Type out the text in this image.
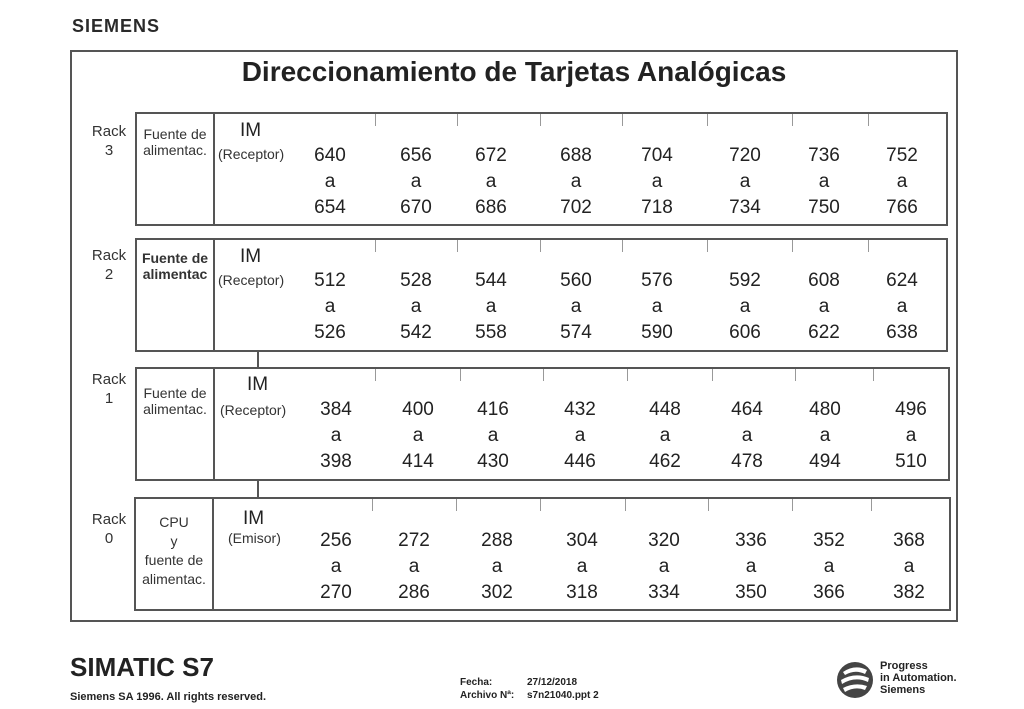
SIEMENS
Direccionamiento de Tarjetas Analógicas
Rack
3
Fuente de
alimentac.
IM
(Receptor)
Rack
2
Fuente de
alimentac
IM
(Receptor)
Rack
1	Fuente de
alimentac.
IM
(Receptor)
Rack
0
CPU
y
fuente de
alimentac.
IM
(Emisor)
640
a
654
656
a
670
672
a
686
688
a
702
704
a
718
720
a
734
736
a
750
752
a
766
512
a
526
528
a
542
544
a
558
560
a
574
576
a
590
592
a
606
608
a
622
624
a
638
384
a
398
400
a
414
416
a
430
432
a
446
448
a
462
464
a
478
480
a
494
496
a
510
256
a
270
272
a
286
288
a
302
304
a
318
320
a
334
336
a
350
352
a
366
368
a
382
SIMATIC S7
Siemens SA 1996. All rights reserved.
Fecha:	27/12/2018
Archivo Nª: s7n21040.ppt 2
Progress
in Automation.
Siemens
